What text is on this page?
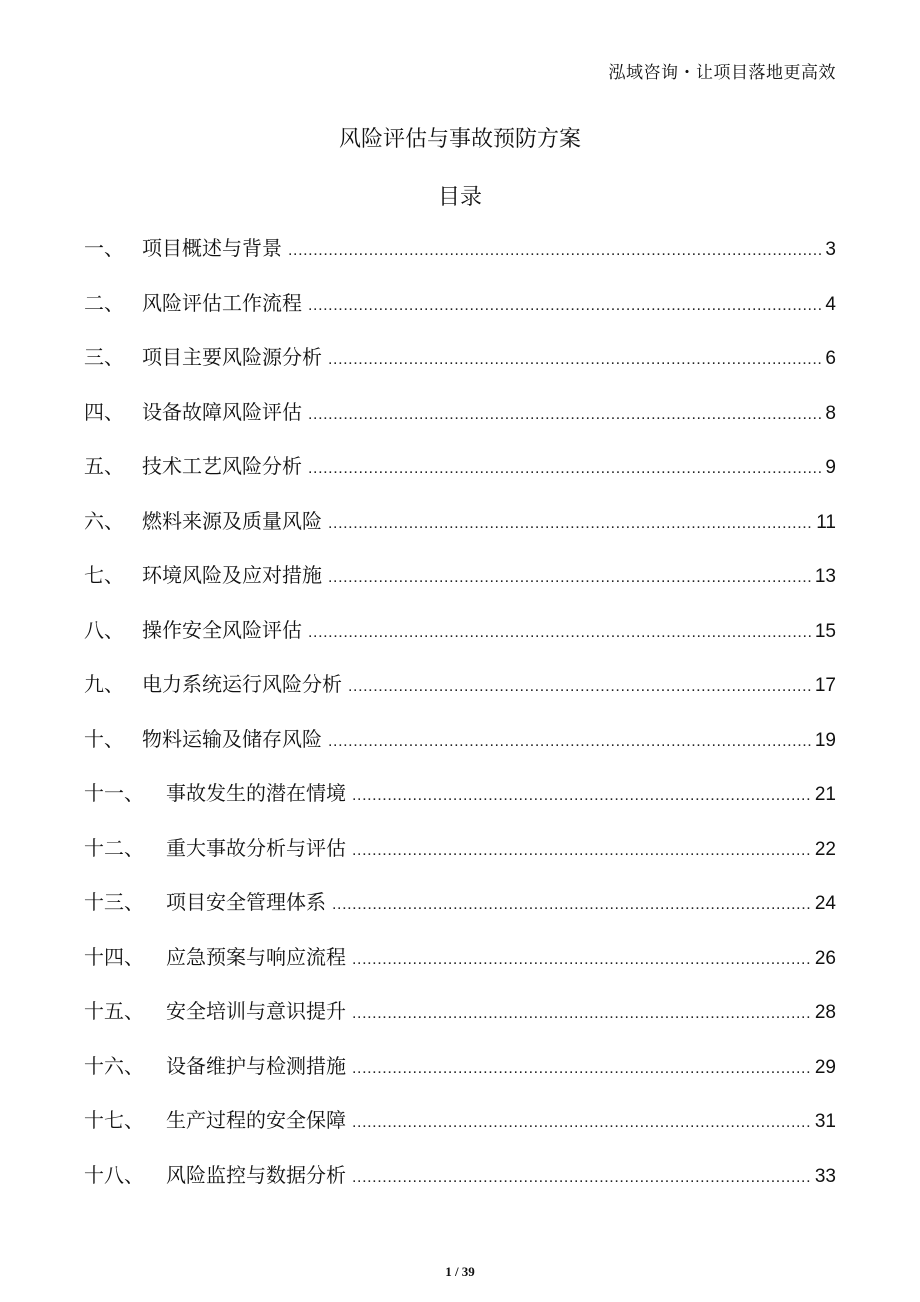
泓域咨询・让项目落地更高效
风险评估与事故预防方案
目录
一、 项目概述与背景 .....	3
二、 风险评估工作流程 .....	4
三、 项目主要风险源分析 .....	6
四、 设备故障风险评估 .....	8
五、 技术工艺风险分析 .....	9
六、 燃料来源及质量风险 .....	11
七、 环境风险及应对措施 .....	13
八、 操作安全风险评估 .....	15
九、 电力系统运行风险分析 .....	17
十、 物料运输及储存风险 .....	19
十一、	事故发生的潜在情境 .....	21
十二、	重大事故分析与评估 .....	22
十三、	项目安全管理体系 .....	24
十四、	应急预案与响应流程 .....	26
十五、	安全培训与意识提升 .....	28
十六、	设备维护与检测措施 .....	29
十七、	生产过程的安全保障 .....	31
十八、	风险监控与数据分析 .....	33
1 / 39
